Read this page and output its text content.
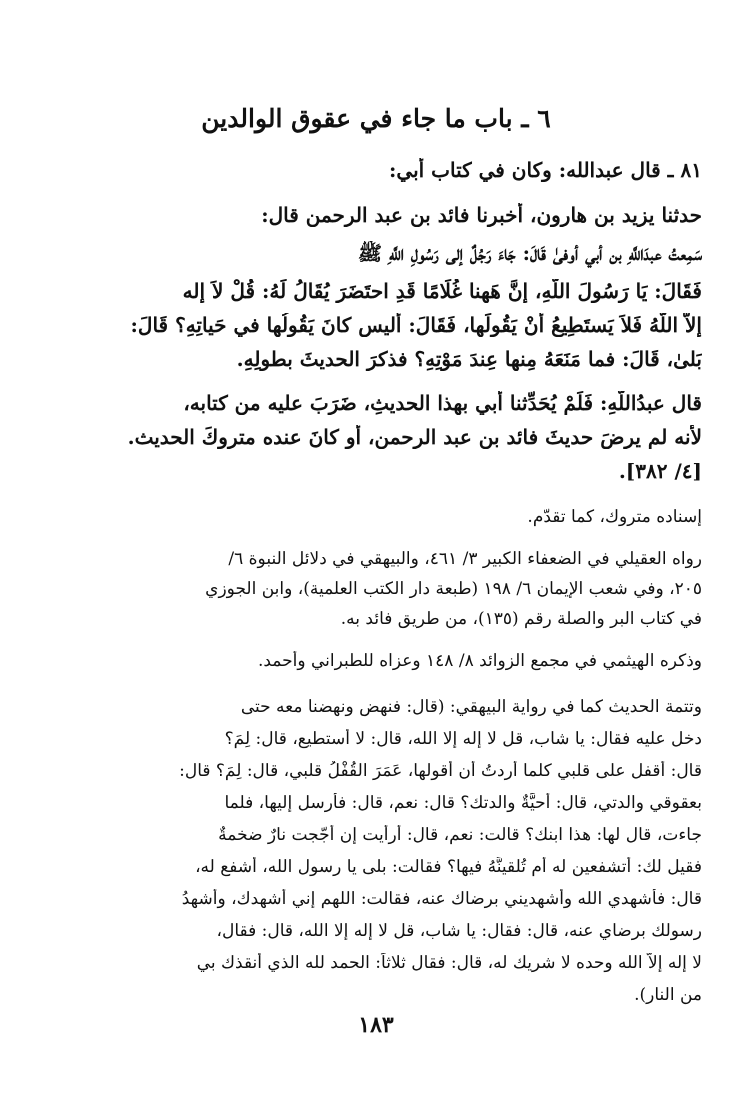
٦ ـ باب ما جاء في عقوق الوالدين
٨١ ـ قال عبدالله: وكان في كتاب أبي:
حدثنا يزيد بن هارون، أخبرنا فائد بن عبد الرحمن قال:
سَمِعتُ عبدَاللَّهِ بن أبي أوفىٰ قَالَ: جَاءَ رَجُلٌ إلى رَسُولِ اللَّهِ ﷺ
فَقَالَ: يَا رَسُولَ اللَّهِ، إنَّ هَهنا غُلَامًا قَدِ احتَضَرَ يُقَالُ لَهُ: قُلْ لاَ إله
إلاَّ اللَّهُ فَلاَ يَستَطِيعُ أَنْ يَقُولَها، فَقَالَ: أَليس كانَ يَقُولُها في حَياتِهِ؟ قَالَ:
بَلىٰ، قَالَ: فما مَنَعَهُ مِنها عِندَ مَوْتِهِ؟ فذكرَ الحديثَ بطولِهِ.
قال عبدُاللَّهِ: فَلَمْ يُحَدِّثنا أَبي بهذا الحديثِ، ضَرَبَ عليه من كتابه،
لأنه لم يرضَ حديثَ فائد بن عبد الرحمن، أو كانَ عنده متروكَ الحديث.
[٤/ ٣٨٢].
إسناده متروك، كما تقدّم.
رواه العقيلي في الضعفاء الكبير ٣/ ٤٦١، والبيهقي في دلائل النبوة ٦/
٢٠٥، وفي شعب الإيمان ٦/ ١٩٨ (طبعة دار الكتب العلمية)، وابن الجوزي
في كتاب البر والصلة رقم (١٣٥)، من طريق فائد به.
وذكره الهيثمي في مجمع الزوائد ٨/ ١٤٨ وعزاه للطبراني وأحمد.
وتتمة الحديث كما في رواية البيهقي: (قال: فنهض ونهضنا معه حتى
دخل عليه فقال: يا شاب، قل لا إله إلا الله، قال: لا أستطيع، قال: لِمَ؟
قال: أُقفل على قلبي كلما أردتُ أن أقولها، عَمَرَ القُفْلُ قلبي، قال: لِمَ؟ قال:
بعقوقي والدتي، قال: أحيَّةٌ والدتك؟ قال: نعم، قال: فأرسل إليها، فلما
جاءت، قال لها: هذا ابنك؟ قالت: نعم، قال: أرأيت إن أُجّجت نارٌ ضخمةٌ
فقيل لك: أتشفعين له أم تُلقينَّهُ فيها؟ فقالت: بلى يا رسول الله، أشفع له،
قال: فأشهدي الله وأشهديني برضاك عنه، فقالت: اللهم إني أُشهدك، وأُشهدُ
رسولك برضاي عنه، قال: فقال: يا شاب، قل لا إله إلا الله، قال: فقال،
لا إله إلاّ الله وحده لا شريك له، قال: فقال ثلاثاً: الحمد لله الذي أنقذك بي
من النار).
١٨٣
